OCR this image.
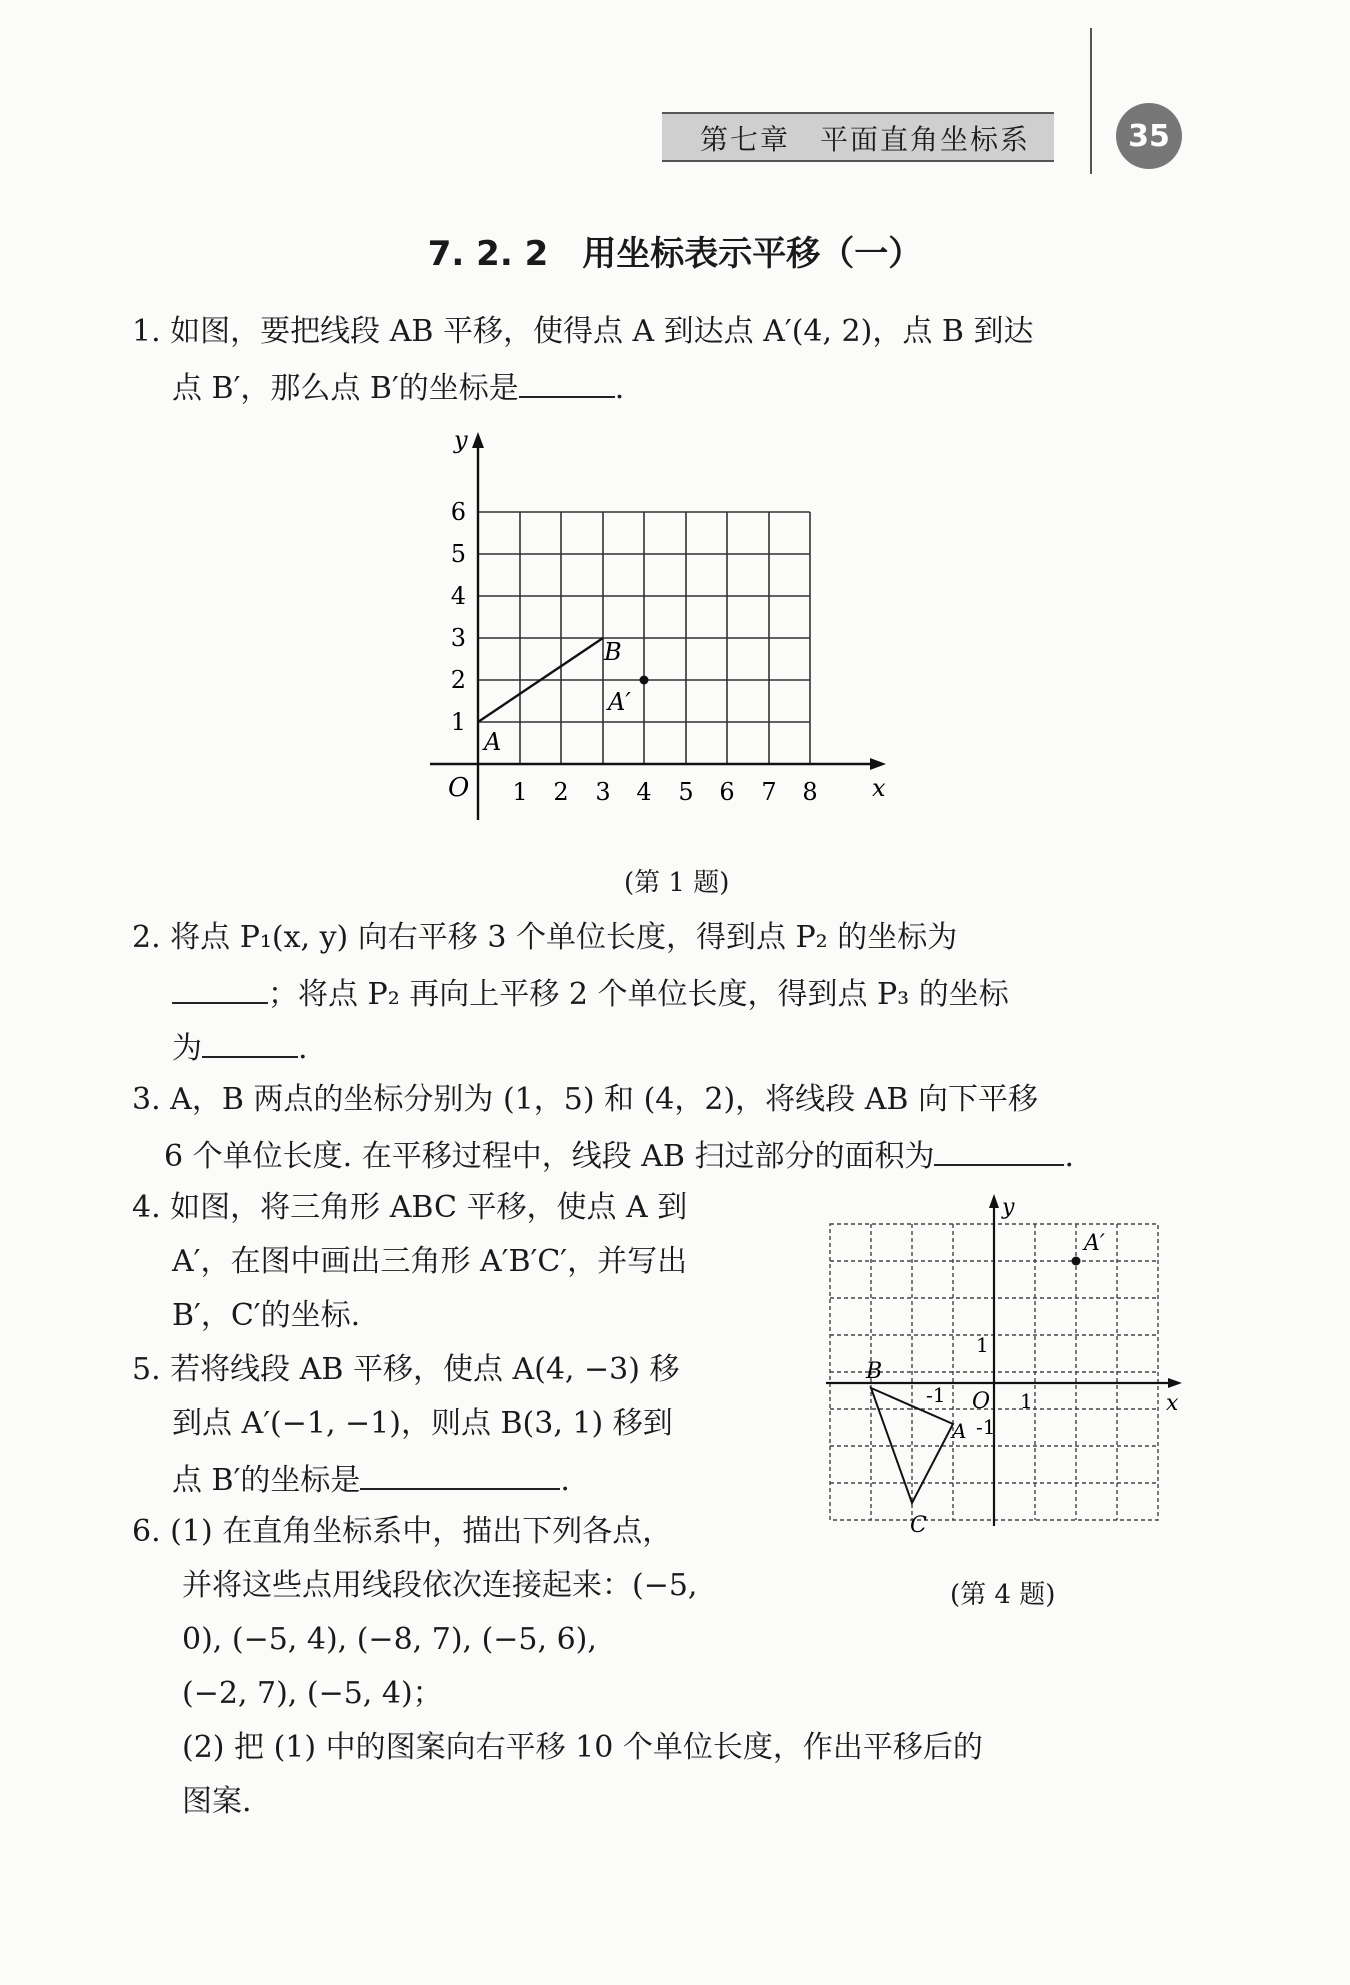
第七章　平面直角坐标系	35
7. 2. 2　用坐标表示平移（一）
1. 如图，要把线段 AB 平移，使得点 A 到达点 A′(4, 2)，点 B 到达
点 B′，那么点 B′的坐标是	.
y
x
O 1 2 3 4 5 6 7 8
1
2
3
4
5
6
B
A
A′
(第 1 题)
2. 将点 P₁(x, y) 向右平移 3 个单位长度，得到点 P₂ 的坐标为
；将点 P₂ 再向上平移 2 个单位长度，得到点 P₃ 的坐标
为	.
3. A，B 两点的坐标分别为 (1，5) 和 (4，2)，将线段 AB 向下平移
6 个单位长度. 在平移过程中，线段 AB 扫过部分的面积为	.
4. 如图，将三角形 ABC 平移，使点 A 到
A′，在图中画出三角形 A′B′C′，并写出
B′，C′的坐标.
5. 若将线段 AB 平移，使点 A(4, −3) 移
到点 A′(−1, −1)，则点 B(3, 1) 移到
点 B′的坐标是	.
6. (1) 在直角坐标系中，描出下列各点，
并将这些点用线段依次连接起来：(−5,
0), (−5, 4), (−8, 7), (−5, 6),
(−2, 7), (−5, 4)；
(2) 把 (1) 中的图案向右平移 10 个单位长度，作出平移后的
图案.
y
x
O 1
-1
1
-1
A′
B
A
C
(第 4 题)
